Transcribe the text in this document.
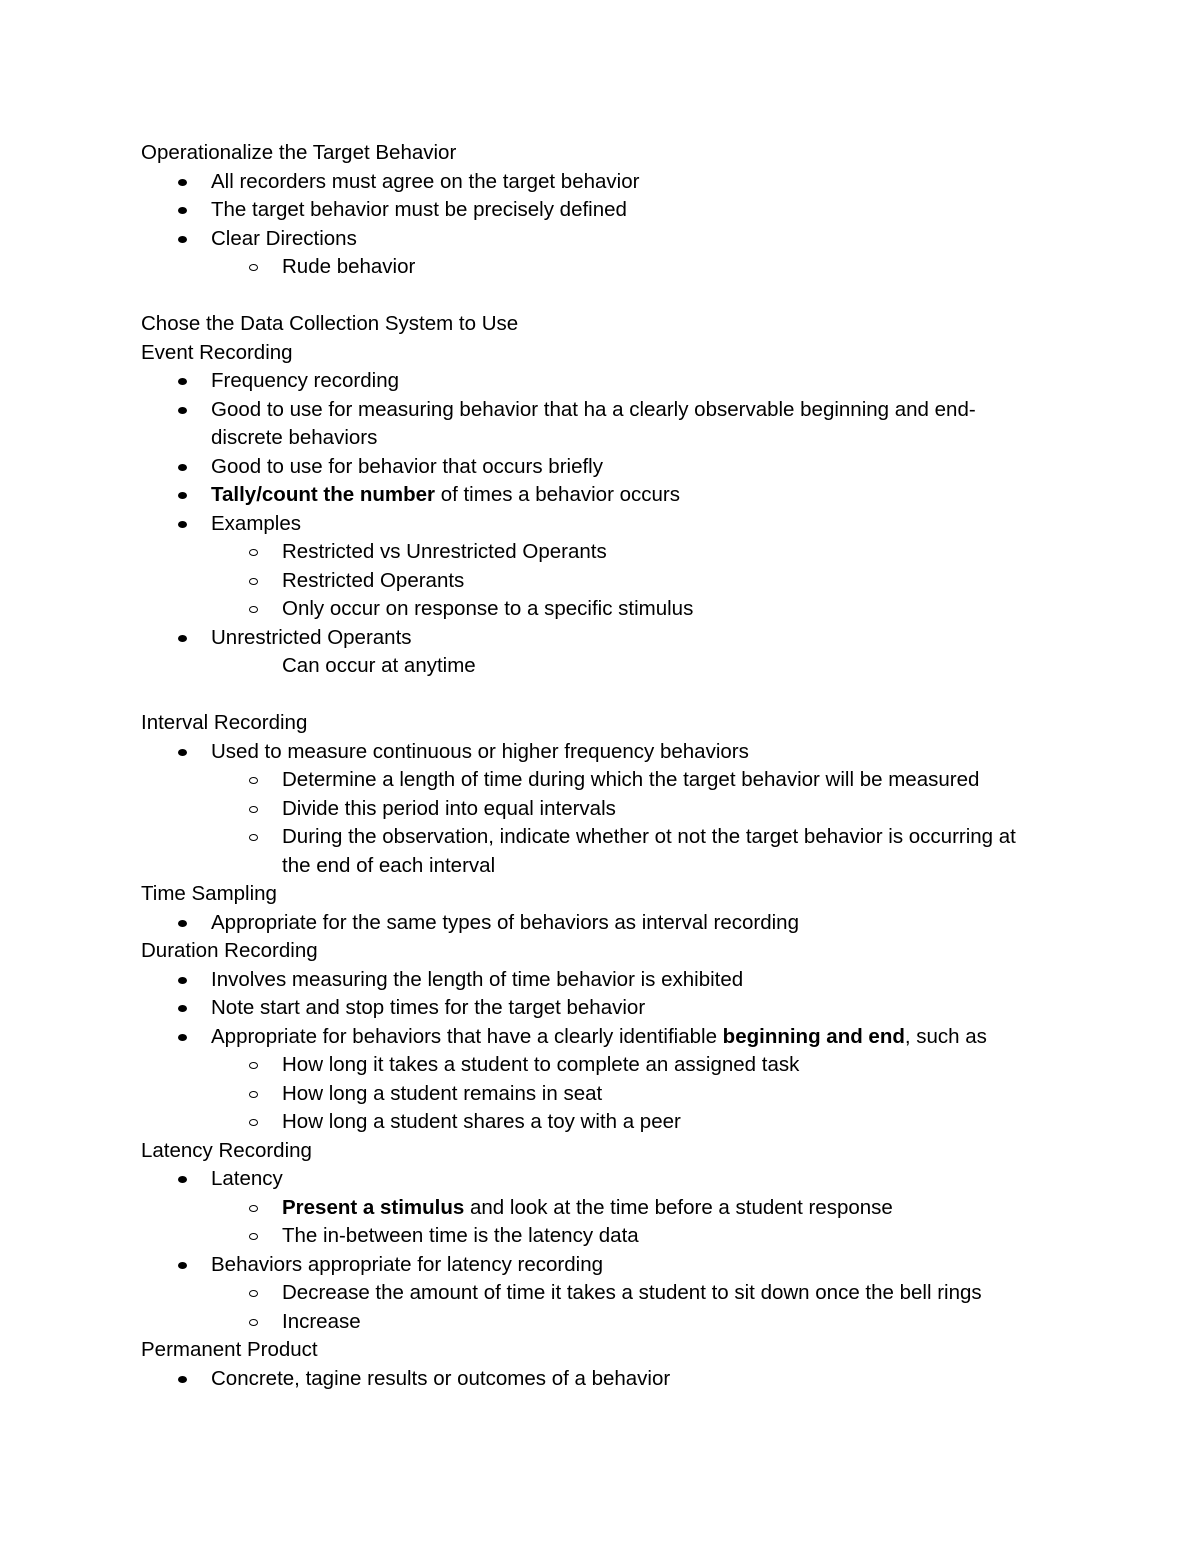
Operationalize the Target Behavior
All recorders must agree on the target behavior
The target behavior must be precisely defined
Clear Directions
Rude behavior
Chose the Data Collection System to Use
Event Recording
Frequency recording
Good to use for measuring behavior that ha a clearly observable beginning and end-
discrete behaviors
Good to use for behavior that occurs briefly
Tally/count the number of times a behavior occurs
Examples
Restricted vs Unrestricted Operants
Restricted Operants
Only occur on response to a specific stimulus
Unrestricted Operants
Can occur at anytime
Interval Recording
Used to measure continuous or higher frequency behaviors
Determine a length of time during which the target behavior will be measured
Divide this period into equal intervals
During the observation, indicate whether ot not the target behavior is occurring at
the end of each interval
Time Sampling
Appropriate for the same types of behaviors as interval recording
Duration Recording
Involves measuring the length of time behavior is exhibited
Note start and stop times for the target behavior
Appropriate for behaviors that have a clearly identifiable beginning and end, such as
How long it takes a student to complete an assigned task
How long a student remains in seat
How long a student shares a toy with a peer
Latency Recording
Latency
Present a stimulus and look at the time before a student response
The in-between time is the latency data
Behaviors appropriate for latency recording
Decrease the amount of time it takes a student to sit down once the bell rings
Increase
Permanent Product
Concrete, tagine results or outcomes of a behavior
